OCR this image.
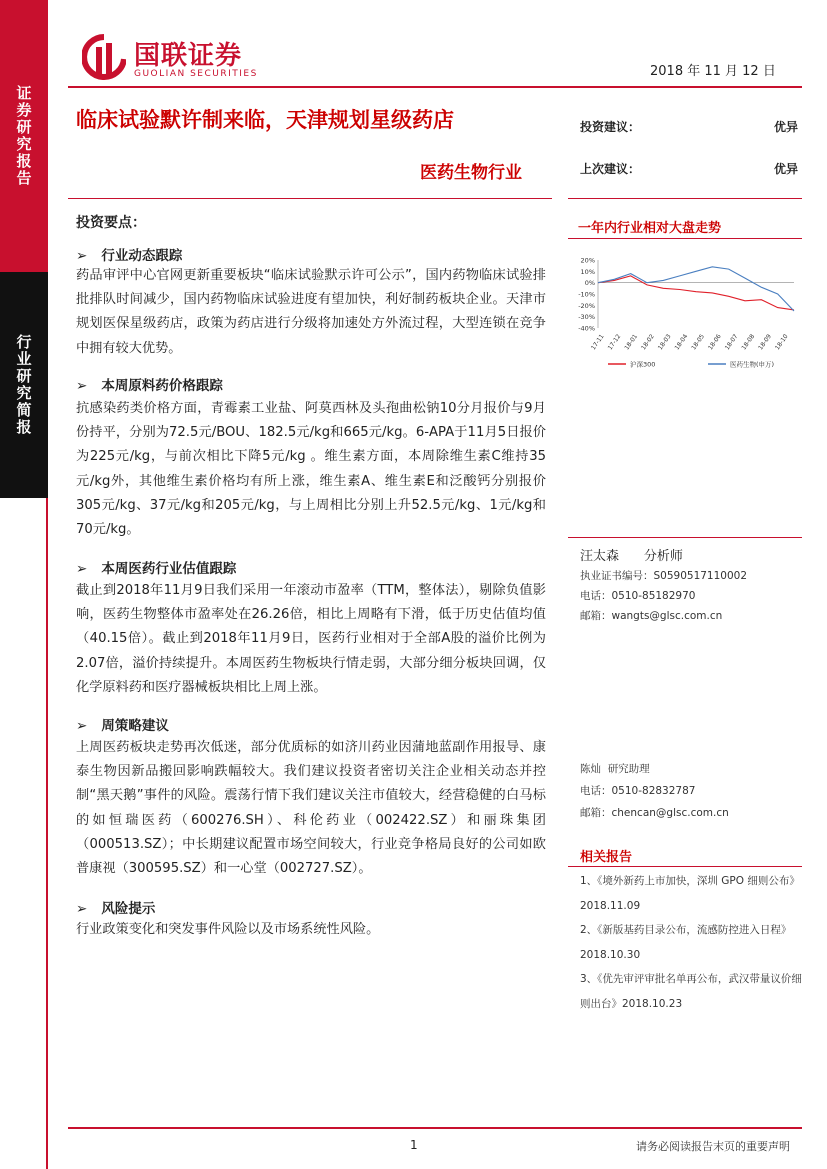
证券研究报告
行业研究简报
国联证券
GUOLIAN SECURITIES	2018 年 11 月 12 日
临床试验默许制来临，天津规划星级药店
医药生物行业
投资建议：	优异
上次建议：	优异
投资要点：
➢   行业动态跟踪
药品审评中心官网更新重要板块“临床试验默示许可公示”，国内药物临床试验排批排队时间减少，国内药物临床试验进度有望加快，利好制药板块企业。天津市规划医保星级药店，政策为药店进行分级将加速处方外流过程，大型连锁在竞争中拥有较大优势。
➢   本周原料药价格跟踪
抗感染药类价格方面，青霉素工业盐、阿莫西林及头孢曲松钠10分月报价与9月份持平，分别为72.5元/BOU、182.5元/kg和665元/kg。6-APA于11月5日报价为225元/kg，与前次相比下降5元/kg 。维生素方面，本周除维生素C维持35元/kg外，其他维生素价格均有所上涨，维生素A、维生素E和泛酸钙分别报价305元/kg、37元/kg和205元/kg，与上周相比分别上升52.5元/kg、1元/kg和70元/kg。
➢   本周医药行业估值跟踪
截止到2018年11月9日我们采用一年滚动市盈率（TTM，整体法），剔除负值影响，医药生物整体市盈率处在26.26倍，相比上周略有下滑，低于历史估值均值（40.15倍）。截止到2018年11月9日，医药行业相对于全部A股的溢价比例为2.07倍，溢价持续提升。本周医药生物板块行情走弱，大部分细分板块回调，仅化学原料药和医疗器械板块相比上周上涨。
➢   周策略建议
上周医药板块走势再次低迷，部分优质标的如济川药业因蒲地蓝副作用报导、康泰生物因新品搬回影响跌幅较大。我们建议投资者密切关注企业相关动态并控制“黑天鹅”事件的风险。震荡行情下我们建议关注市值较大，经营稳健的白马标的如恒瑞医药（600276.SH）、科伦药业（002422.SZ）和丽珠集团（000513.SZ）；中长期建议配置市场空间较大，行业竞争格局良好的公司如欧普康视（300595.SZ）和一心堂（002727.SZ）。
➢   风险提示
行业政策变化和突发事件风险以及市场系统性风险。
一年内行业相对大盘走势
20%
10%
0%
-10%
-20%
-30%
-40%
17-11 17-12 18-01 18-02 18-03 18-04 18-05 18-06 18-07 18-08 18-09 18-10
沪深300	医药生物(申万)
汪太森 分析师
执业证书编号：S0590517110002
电话：0510-85182970
邮箱：wangts@glsc.com.cn
陈灿 研究助理
电话：0510-82832787
邮箱：chencan@glsc.com.cn
相关报告
1、《境外新药上市加快，深圳 GPO 细则公布》
2018.11.09
2、《新版基药目录公布，流感防控进入日程》
2018.10.30
3、《优先审评审批名单再公布，武汉带量议价细
则出台》2018.10.23
1	请务必阅读报告末页的重要声明
